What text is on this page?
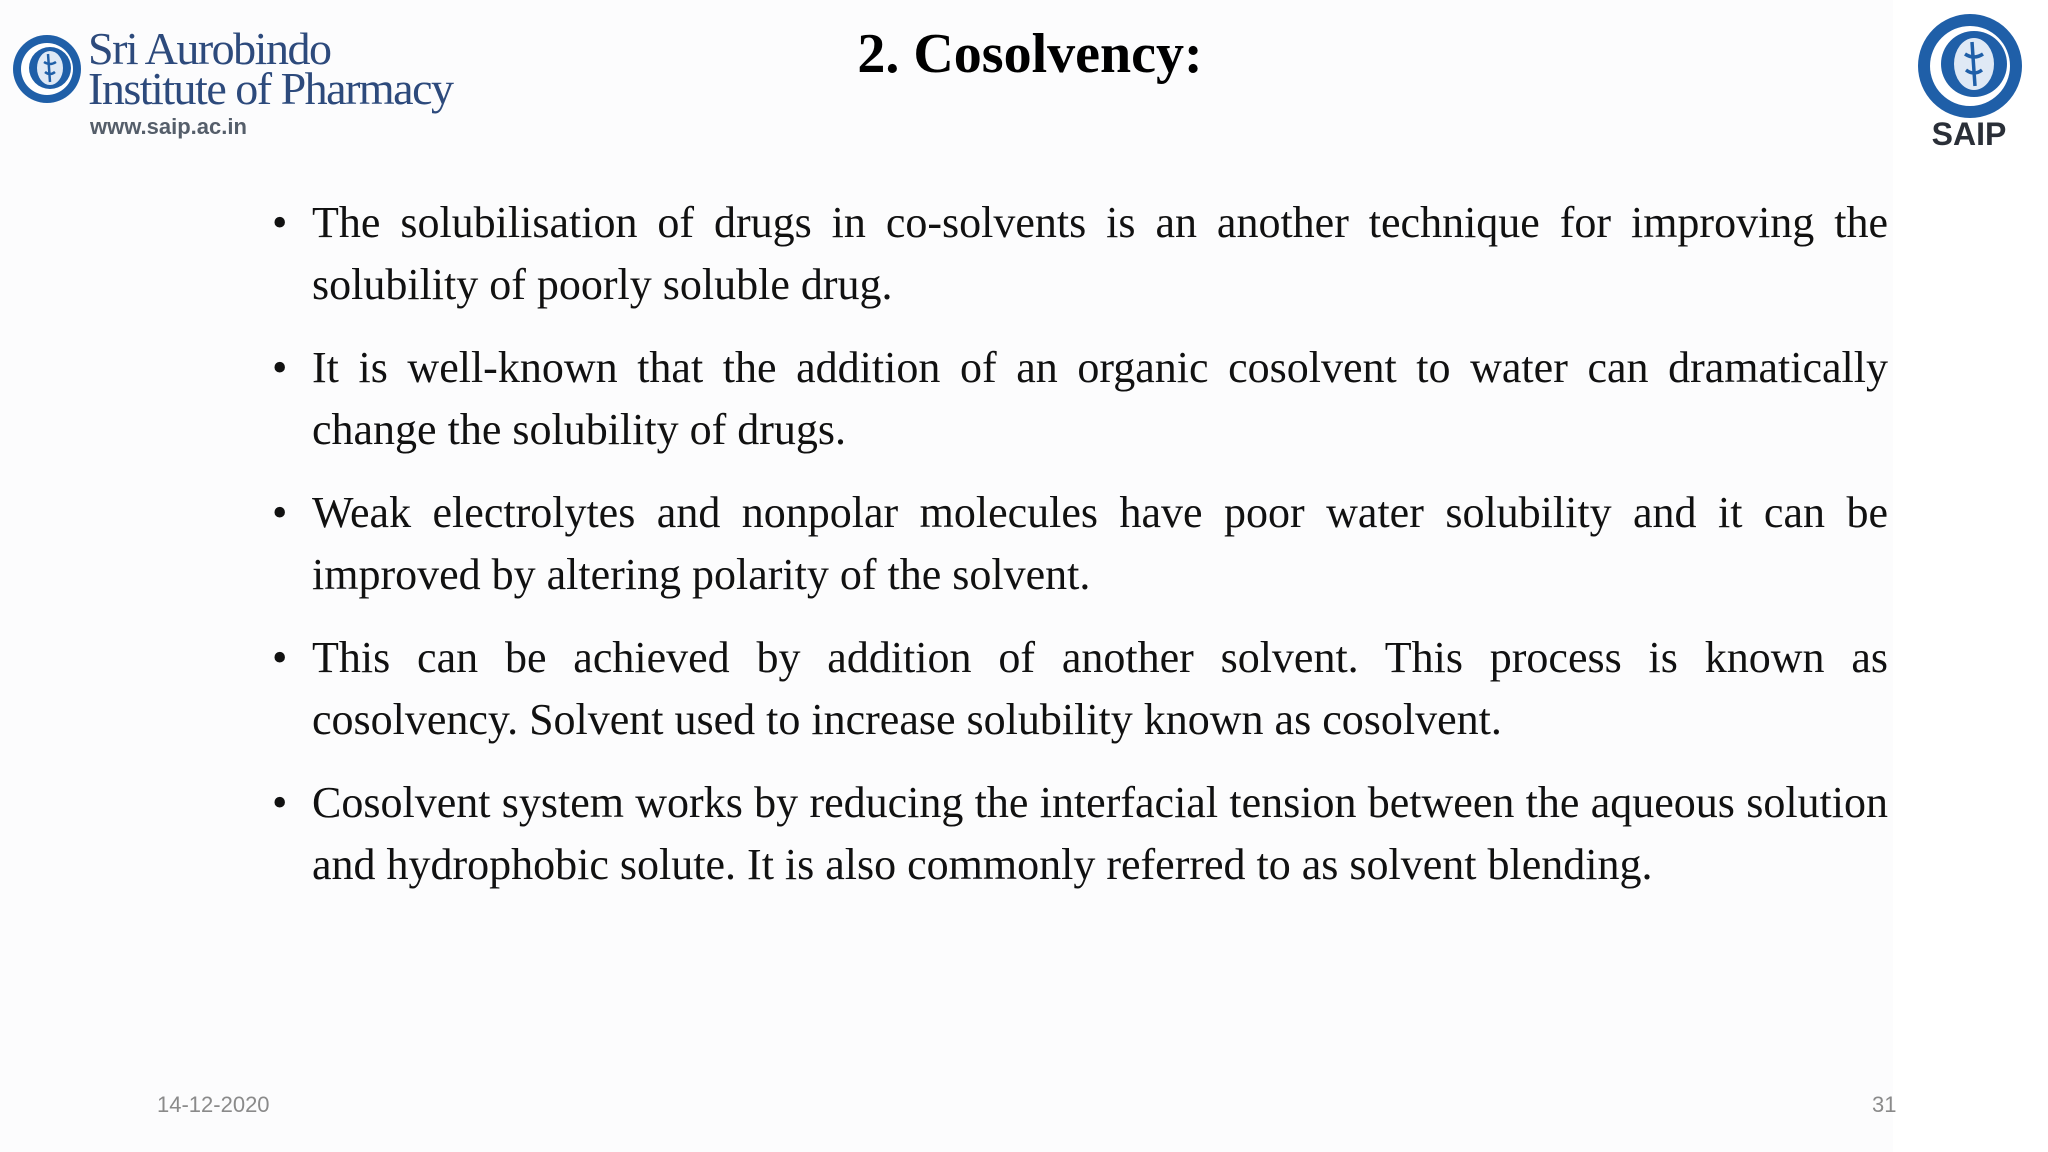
Sri Aurobindo
Institute of Pharmacy
www.saip.ac.in
2. Cosolvency:
SAIP
• The solubilisation of drugs in co-solvents is an another technique for improving the solubility of poorly soluble drug.
• It is well-known that the addition of an organic cosolvent to water can dramatically change the solubility of drugs.
• Weak electrolytes and nonpolar molecules have poor water solubility and it can be improved by altering polarity of the solvent.
• This can be achieved by addition of another solvent. This process is known as cosolvency. Solvent used to increase solubility known as cosolvent.
• Cosolvent system works by reducing the interfacial tension between the aqueous solution and hydrophobic solute. It is also commonly referred to as solvent blending.
14-12-2020	31
